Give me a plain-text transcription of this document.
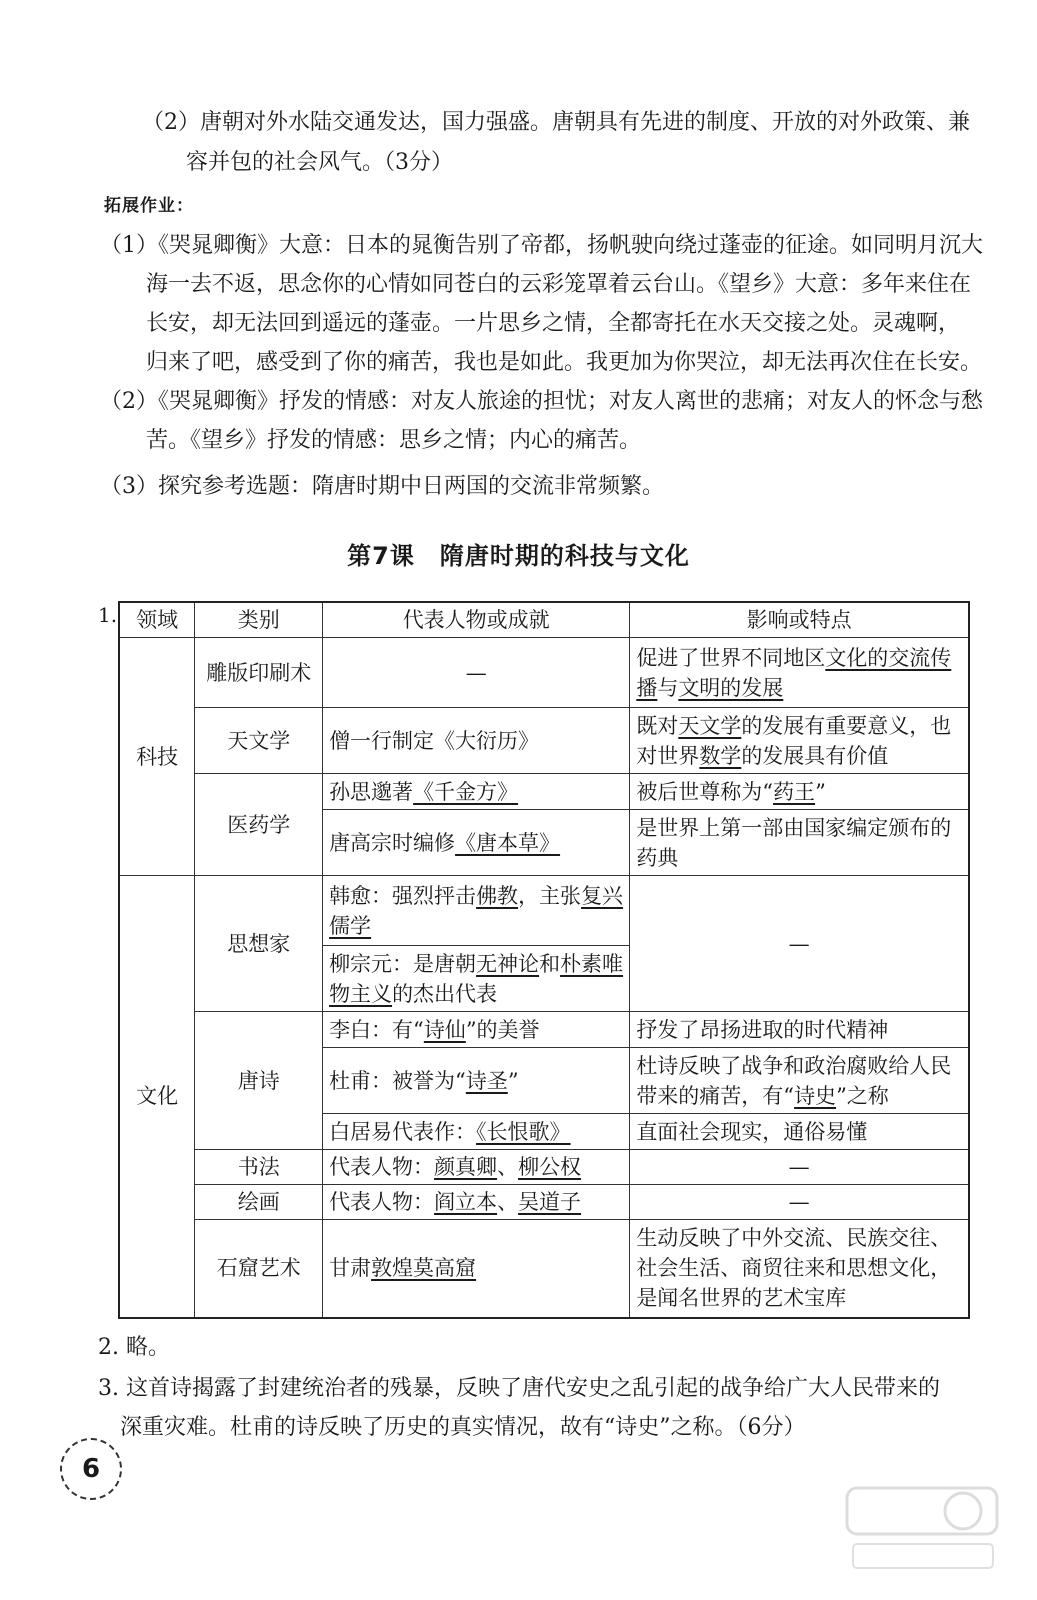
（2）唐朝对外水陆交通发达，国力强盛。唐朝具有先进的制度、开放的对外政策、兼
容并包的社会风气。（3分）
拓展作业：
（1）《哭晁卿衡》大意：日本的晁衡告别了帝都，扬帆驶向绕过蓬壶的征途。如同明月沉大
海一去不返，思念你的心情如同苍白的云彩笼罩着云台山。《望乡》大意：多年来住在
长安，却无法回到遥远的蓬壶。一片思乡之情，全都寄托在水天交接之处。灵魂啊，
归来了吧，感受到了你的痛苦，我也是如此。我更加为你哭泣，却无法再次住在长安。
（2）《哭晁卿衡》抒发的情感：对友人旅途的担忧；对友人离世的悲痛；对友人的怀念与愁
苦。《望乡》抒发的情感：思乡之情；内心的痛苦。
（3）探究参考选题：隋唐时期中日两国的交流非常频繁。
第7课　隋唐时期的科技与文化
1. 领域	类别	代表人物或成就	影响或特点
科技	雕版印刷术	—	促进了世界不同地区文化的交流传播与文明的发展
	天文学	僧一行制定《大衍历》	既对天文学的发展有重要意义，也对世界数学的发展具有价值
	医药学	孙思邈著《千金方》	被后世尊称为“药王”
		唐高宗时编修《唐本草》	是世界上第一部由国家编定颁布的药典
文化	思想家	韩愈：强烈抨击佛教，主张复兴儒学	—
		柳宗元：是唐朝无神论和朴素唯物主义的杰出代表	
	唐诗	李白：有“诗仙”的美誉	抒发了昂扬进取的时代精神
		杜甫：被誉为“诗圣”	杜诗反映了战争和政治腐败给人民带来的痛苦，有“诗史”之称
		白居易代表作：《长恨歌》	直面社会现实，通俗易懂
	书法	代表人物：颜真卿、柳公权	—
	绘画	代表人物：阎立本、吴道子	—
	石窟艺术	甘肃敦煌莫高窟	生动反映了中外交流、民族交往、社会生活、商贸往来和思想文化，是闻名世界的艺术宝库
2. 略。
3. 这首诗揭露了封建统治者的残暴，反映了唐代安史之乱引起的战争给广大人民带来的
深重灾难。杜甫的诗反映了历史的真实情况，故有“诗史”之称。（6分）
6
